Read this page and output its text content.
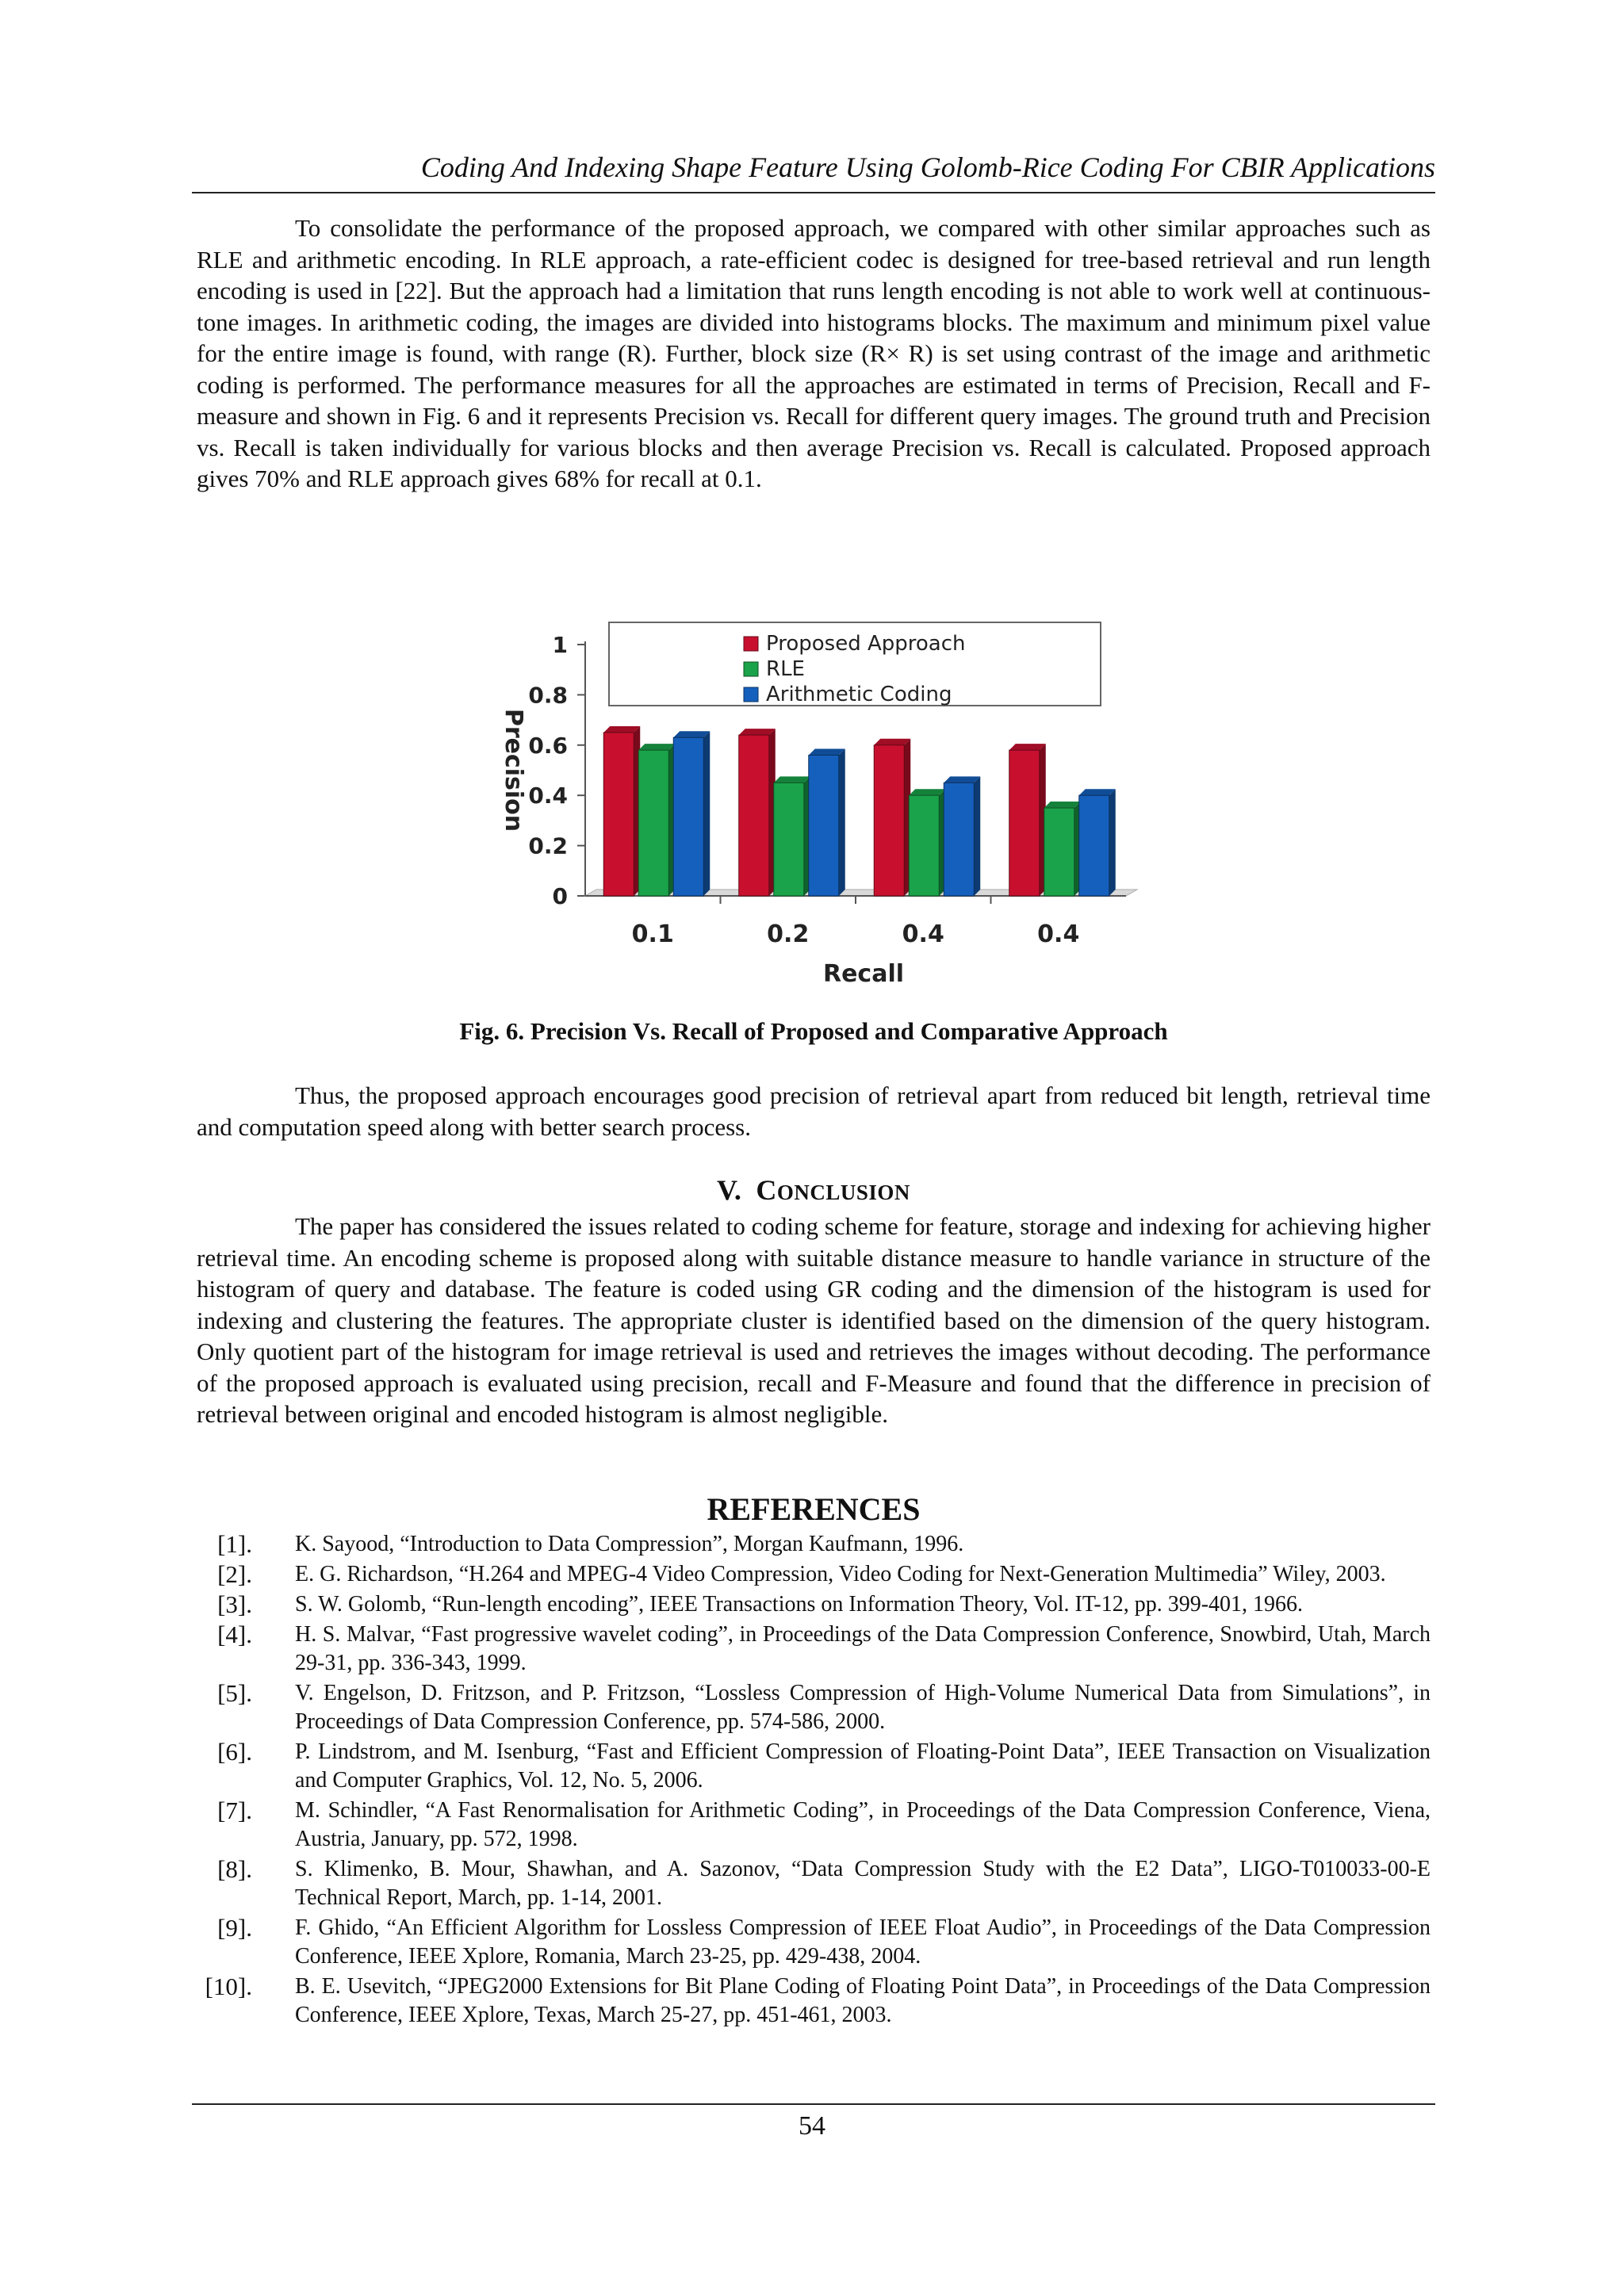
Coding And Indexing Shape Feature Using Golomb-Rice Coding For CBIR Applications

To consolidate the performance of the proposed approach, we compared with other similar approaches such as RLE and arithmetic encoding. In RLE approach, a rate-efficient codec is designed for tree-based retrieval and run length encoding is used in [22]. But the approach had a limitation that runs length encoding is not able to work well at continuous-tone images. In arithmetic coding, the images are divided into histograms blocks. The maximum and minimum pixel value for the entire image is found, with range (R). Further, block size (R× R) is set using contrast of the image and arithmetic coding is performed. The performance measures for all the approaches are estimated in terms of Precision, Recall and F-measure and shown in Fig. 6 and it represents Precision vs. Recall for different query images. The ground truth and Precision vs. Recall is taken individually for various blocks and then average Precision vs. Recall is calculated. Proposed approach gives 70% and RLE approach gives 68% for recall at 0.1.

0
0.2
0.4
0.6
0.8
1
Precision
0.1	0.2	0.4	0.4
Recall
Proposed Approach
RLE
Arithmetic Coding
Fig. 6. Precision Vs. Recall of Proposed and Comparative Approach

Thus, the proposed approach encourages good precision of retrieval apart from reduced bit length, retrieval time and computation speed along with better search process.

V. CONCLUSION

The paper has considered the issues related to coding scheme for feature, storage and indexing for achieving higher retrieval time. An encoding scheme is proposed along with suitable distance measure to handle variance in structure of the histogram of query and database. The feature is coded using GR coding and the dimension of the histogram is used for indexing and clustering the features. The appropriate cluster is identified based on the dimension of the query histogram. Only quotient part of the histogram for image retrieval is used and retrieves the images without decoding. The performance of the proposed approach is evaluated using precision, recall and F-Measure and found that the difference in precision of retrieval between original and encoded histogram is almost negligible.

REFERENCES
[1]. K. Sayood, “Introduction to Data Compression”, Morgan Kaufmann, 1996.
[2]. E. G. Richardson, “H.264 and MPEG-4 Video Compression, Video Coding for Next-Generation Multimedia” Wiley, 2003.
[3]. S. W. Golomb, “Run-length encoding”, IEEE Transactions on Information Theory, Vol. IT-12, pp. 399-401, 1966.
[4]. H. S. Malvar, “Fast progressive wavelet coding”, in Proceedings of the Data Compression Conference, Snowbird, Utah, March 29-31, pp. 336-343, 1999.
[5]. V. Engelson, D. Fritzson, and P. Fritzson, “Lossless Compression of High-Volume Numerical Data from Simulations”, in Proceedings of Data Compression Conference, pp. 574-586, 2000.
[6]. P. Lindstrom, and M. Isenburg, “Fast and Efficient Compression of Floating-Point Data”, IEEE Transaction on Visualization and Computer Graphics, Vol. 12, No. 5, 2006.
[7]. M. Schindler, “A Fast Renormalisation for Arithmetic Coding”, in Proceedings of the Data Compression Conference, Viena, Austria, January, pp. 572, 1998.
[8]. S. Klimenko, B. Mour, Shawhan, and A. Sazonov, “Data Compression Study with the E2 Data”, LIGO-T010033-00-E Technical Report, March, pp. 1-14, 2001.
[9]. F. Ghido, “An Efficient Algorithm for Lossless Compression of IEEE Float Audio”, in Proceedings of the Data Compression Conference, IEEE Xplore, Romania, March 23-25, pp. 429-438, 2004.
[10]. B. E. Usevitch, “JPEG2000 Extensions for Bit Plane Coding of Floating Point Data”, in Proceedings of the Data Compression Conference, IEEE Xplore, Texas, March 25-27, pp. 451-461, 2003.
54
